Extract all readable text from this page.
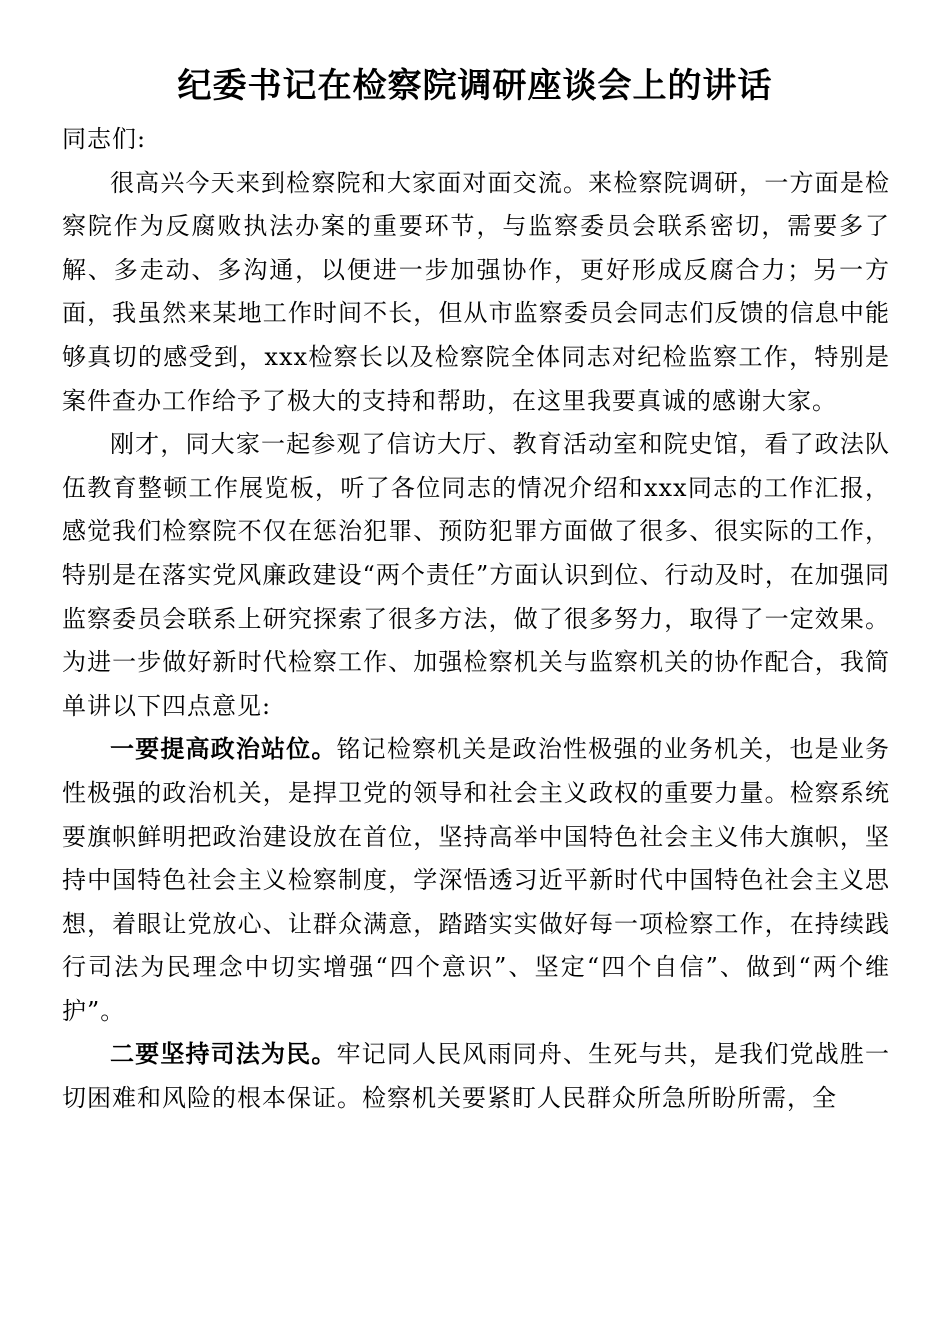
纪委书记在检察院调研座谈会上的讲话

同志们:

很高兴今天来到检察院和大家面对面交流。来检察院调研，一方面是检察院作为反腐败执法办案的重要环节，与监察委员会联系密切，需要多了解、多走动、多沟通，以便进一步加强协作，更好形成反腐合力；另一方面，我虽然来某地工作时间不长，但从市监察委员会同志们反馈的信息中能够真切的感受到，xxx检察长以及检察院全体同志对纪检监察工作，特别是案件查办工作给予了极大的支持和帮助，在这里我要真诚的感谢大家。

刚才，同大家一起参观了信访大厅、教育活动室和院史馆，看了政法队伍教育整顿工作展览板，听了各位同志的情况介绍和xxx同志的工作汇报，感觉我们检察院不仅在惩治犯罪、预防犯罪方面做了很多、很实际的工作，特别是在落实党风廉政建设“两个责任”方面认识到位、行动及时，在加强同监察委员会联系上研究探索了很多方法，做了很多努力，取得了一定效果。为进一步做好新时代检察工作、加强检察机关与监察机关的协作配合，我简单讲以下四点意见:

一要提高政治站位。铭记检察机关是政治性极强的业务机关，也是业务性极强的政治机关，是捍卫党的领导和社会主义政权的重要力量。检察系统要旗帜鲜明把政治建设放在首位，坚持高举中国特色社会主义伟大旗帜，坚持中国特色社会主义检察制度，学深悟透习近平新时代中国特色社会主义思想，着眼让党放心、让群众满意，踏踏实实做好每一项检察工作，在持续践行司法为民理念中切实增强“四个意识”、坚定“四个自信”、做到“两个维护”。

二要坚持司法为民。牢记同人民风雨同舟、生死与共，是我们党战胜一切困难和风险的根本保证。检察机关要紧盯人民群众所急所盼所需，全
